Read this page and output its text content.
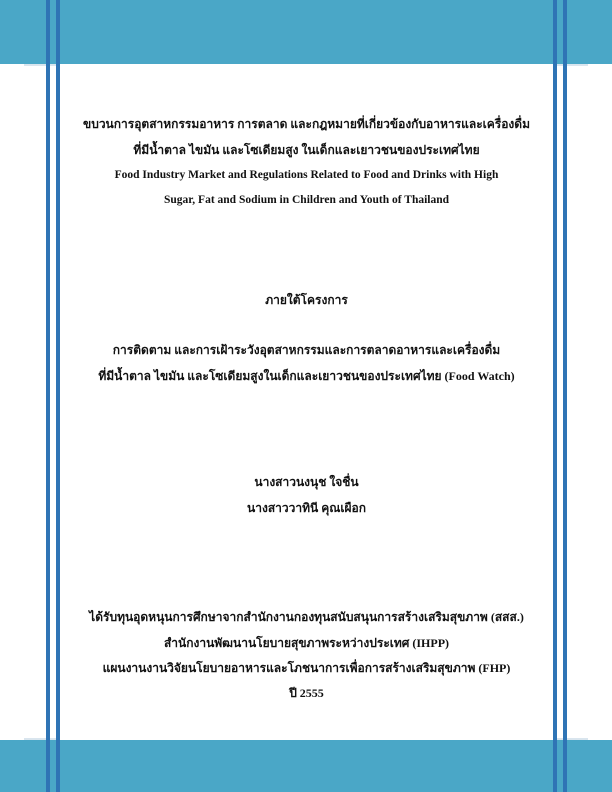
ขบวนการอุตสาหกรรมอาหาร การตลาด และกฎหมายที่เกี่ยวข้องกับอาหารและเครื่องดื่ม
ที่มีน้ำตาล ไขมัน และโซเดียมสูง ในเด็กและเยาวชนของประเทศไทย
Food Industry Market and Regulations Related to Food and Drinks with High
Sugar, Fat and Sodium in Children and Youth of Thailand
ภายใต้โครงการ
การติดตาม และการเฝ้าระวังอุตสาหกรรมและการตลาดอาหารและเครื่องดื่ม
ที่มีน้ำตาล ไขมัน และโซเดียมสูงในเด็กและเยาวชนของประเทศไทย (Food Watch)
นางสาวนงนุช ใจชื่น
นางสาววาทินี คุณเผือก
ได้รับทุนอุดหนุนการศึกษาจากสำนักงานกองทุนสนับสนุนการสร้างเสริมสุขภาพ (สสส.)
สำนักงานพัฒนานโยบายสุขภาพระหว่างประเทศ (IHPP)
แผนงานงานวิจัยนโยบายอาหารและโภชนาการเพื่อการสร้างเสริมสุขภาพ (FHP)
ปี 2555
